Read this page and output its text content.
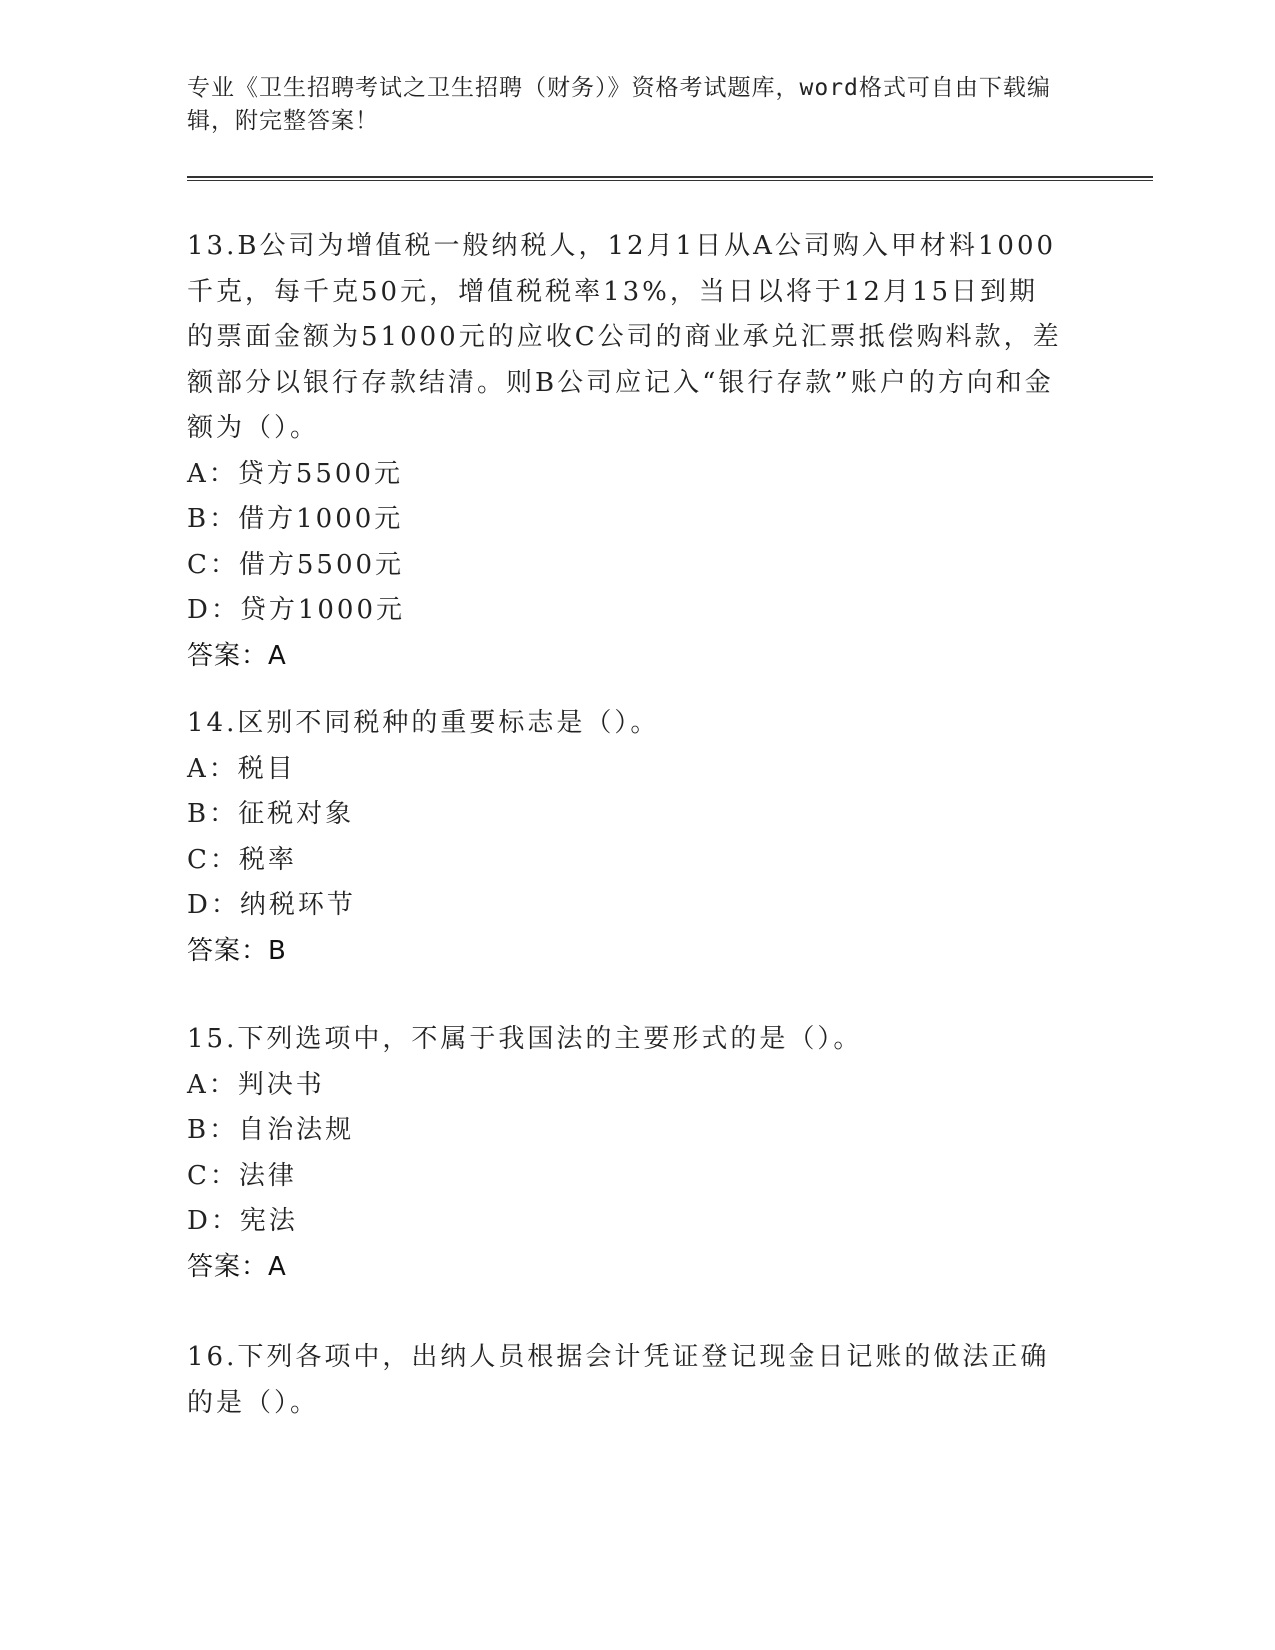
专业《卫生招聘考试之卫生招聘（财务）》资格考试题库，word格式可自由下载编辑，附完整答案！
13.B公司为增值税一般纳税人，12月1日从A公司购入甲材料1000千克，每千克50元，增值税税率13%，当日以将于12月15日到期的票面金额为51000元的应收C公司的商业承兑汇票抵偿购料款，差额部分以银行存款结清。则B公司应记入“银行存款”账户的方向和金额为（）。
A：贷方5500元
B：借方1000元
C：借方5500元
D：贷方1000元
答案：A
14.区别不同税种的重要标志是（）。
A：税目
B：征税对象
C：税率
D：纳税环节
答案：B
15.下列选项中，不属于我国法的主要形式的是（）。
A：判决书
B：自治法规
C：法律
D：宪法
答案：A
16.下列各项中，出纳人员根据会计凭证登记现金日记账的做法正确的是（）。
